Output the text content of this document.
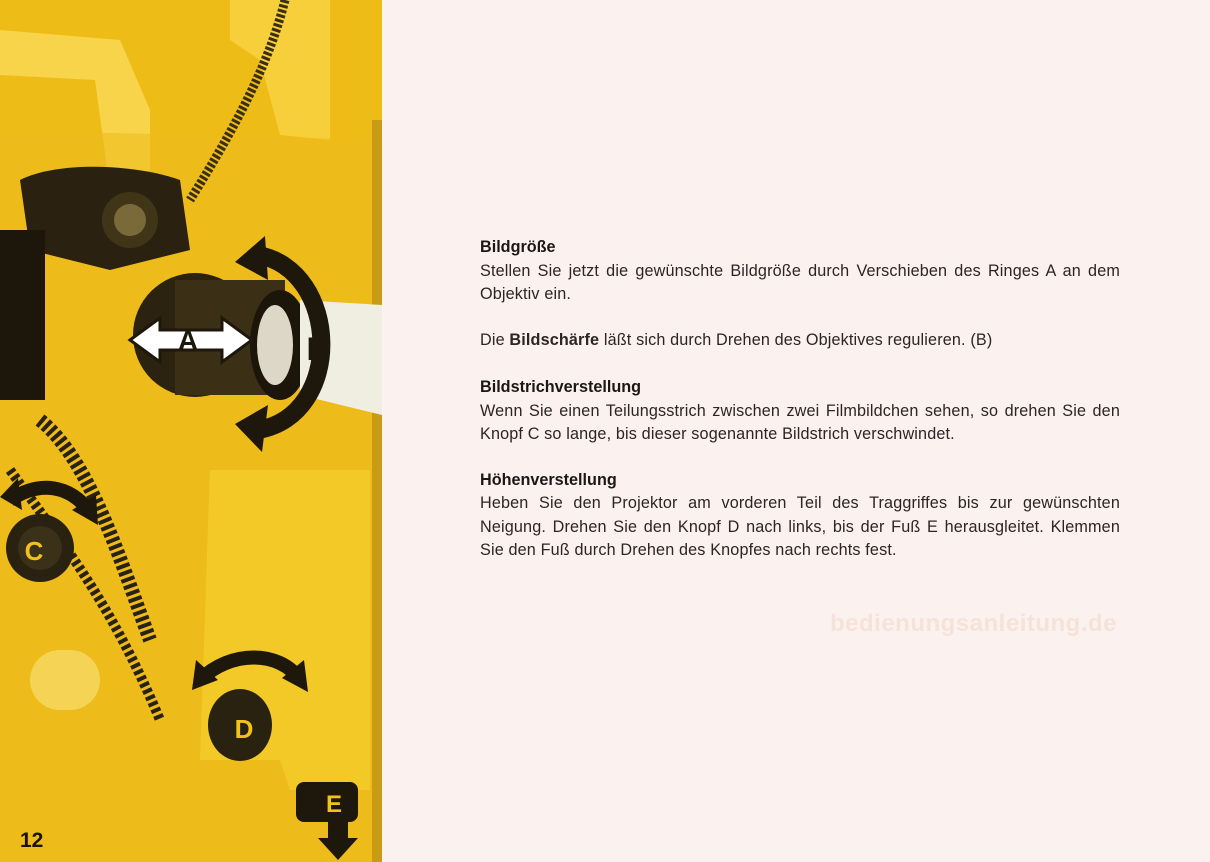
A	B
C
D
E
12
Bildgröße

Stellen Sie jetzt die gewünschte Bildgröße durch Verschieben des Ringes A an dem Objektiv ein.

Die Bildschärfe läßt sich durch Drehen des Objektives regulieren. (B)

Bildstrichverstellung

Wenn Sie einen Teilungsstrich zwischen zwei Filmbildchen sehen, so drehen Sie den Knopf C so lange, bis dieser sogenannte Bildstrich verschwindet.

Höhenverstellung

Heben Sie den Projektor am vorderen Teil des Traggriffes bis zur gewünschten Neigung. Drehen Sie den Knopf D nach links, bis der Fuß E herausgleitet. Klemmen Sie den Fuß durch Drehen des Knopfes nach rechts fest.

bedienungsanleitung.de
